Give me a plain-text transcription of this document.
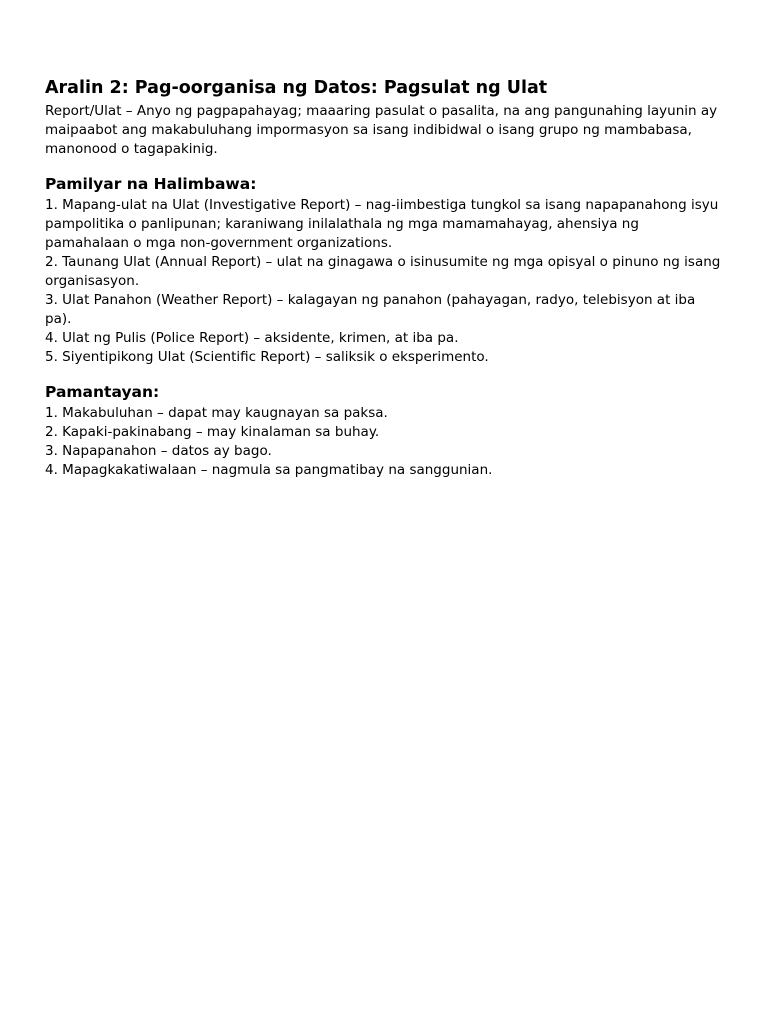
Aralin 2: Pag-oorganisa ng Datos: Pagsulat ng Ulat

Report/Ulat – Anyo ng pagpapahayag; maaaring pasulat o pasalita, na ang pangunahing layunin ay maipaabot ang makabuluhang impormasyon sa isang indibidwal o isang grupo ng mambabasa, manonood o tagapakinig.

Pamilyar na Halimbawa:

1. Mapang-ulat na Ulat (Investigative Report) – nag-iimbestiga tungkol sa isang napapanahong isyu pampolitika o panlipunan; karaniwang inilalathala ng mga mamamahayag, ahensiya ng pamahalaan o mga non-government organizations.

2. Taunang Ulat (Annual Report) – ulat na ginagawa o isinusumite ng mga opisyal o pinuno ng isang organisasyon.

3. Ulat Panahon (Weather Report) – kalagayan ng panahon (pahayagan, radyo, telebisyon at iba pa).

4. Ulat ng Pulis (Police Report) – aksidente, krimen, at iba pa.

5. Siyentipikong Ulat (Scientific Report) – saliksik o eksperimento.

Pamantayan:

1. Makabuluhan – dapat may kaugnayan sa paksa.

2. Kapaki-pakinabang – may kinalaman sa buhay.

3. Napapanahon – datos ay bago.

4. Mapagkakatiwalaan – nagmula sa pangmatibay na sanggunian.
